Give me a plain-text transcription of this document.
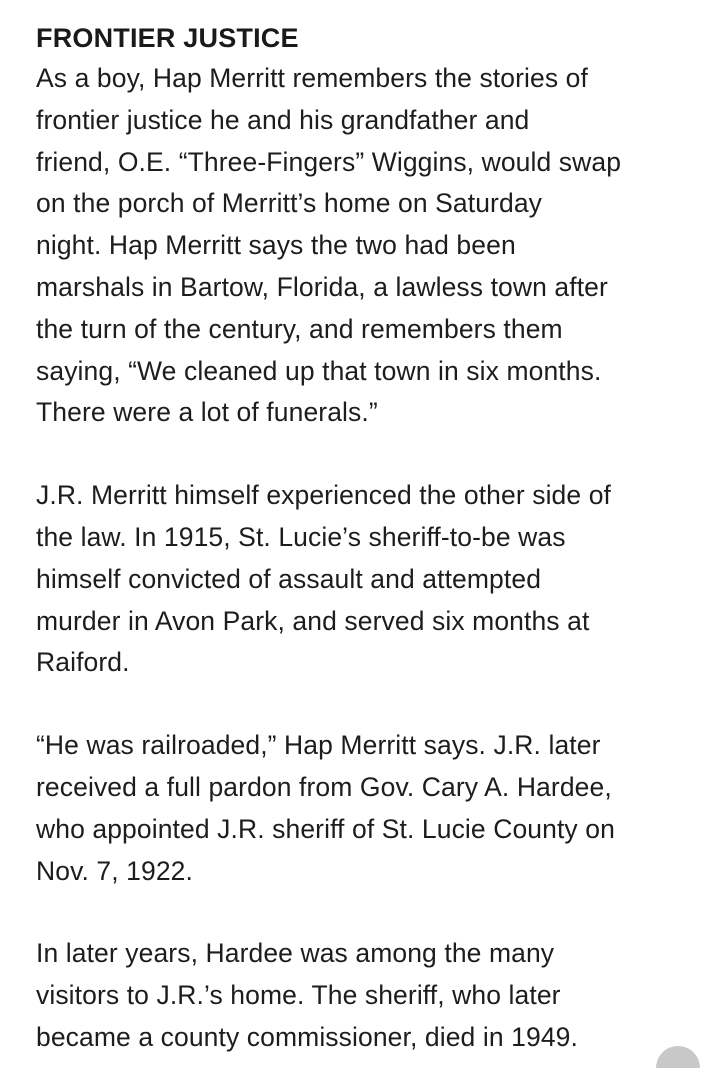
FRONTIER JUSTICE

As a boy, Hap Merritt remembers the stories of
frontier justice he and his grandfather and
friend, O.E. “Three-Fingers” Wiggins, would swap
on the porch of Merritt’s home on Saturday
night. Hap Merritt says the two had been
marshals in Bartow, Florida, a lawless town after
the turn of the century, and remembers them
saying, “We cleaned up that town in six months.
There were a lot of funerals.”

J.R. Merritt himself experienced the other side of
the law. In 1915, St. Lucie’s sheriff-to-be was
himself convicted of assault and attempted
murder in Avon Park, and served six months at
Raiford.

“He was railroaded,” Hap Merritt says. J.R. later
received a full pardon from Gov. Cary A. Hardee,
who appointed J.R. sheriff of St. Lucie County on
Nov. 7, 1922.

In later years, Hardee was among the many
visitors to J.R.’s home. The sheriff, who later
became a county commissioner, died in 1949.
